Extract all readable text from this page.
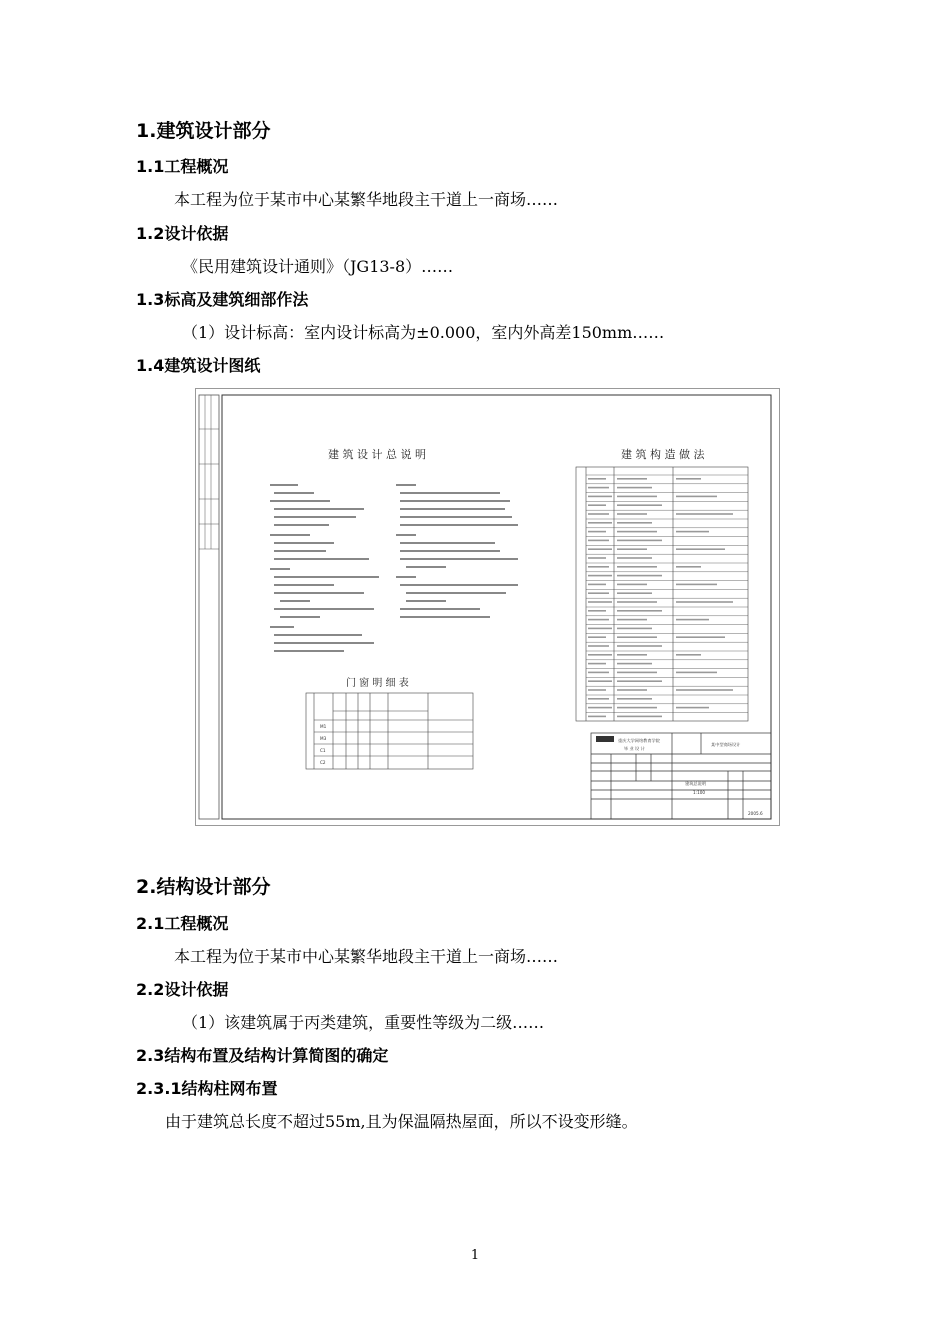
1.建筑设计部分
1.1工程概况
本工程为位于某市中心某繁华地段主干道上一商场……
1.2设计依据
《民用建筑设计通则》（JG13-8）……
1.3标高及建筑细部作法
（1）设计标高：室内设计标高为±0.000，室内外高差150mm……
1.4建筑设计图纸
建 筑 设 计 总 说 明	建 筑 构 造 做 法
门 窗 明 细 表
M1
M3
C1
C2
重庆大学网络教育学院
毕 业 设 计
某中型商场设计
建筑总说明
1:100
2005.6
2.结构设计部分
2.1工程概况
本工程为位于某市中心某繁华地段主干道上一商场……
2.2设计依据
（1）该建筑属于丙类建筑，重要性等级为二级……
2.3结构布置及结构计算简图的确定
2.3.1结构柱网布置
由于建筑总长度不超过55m,且为保温隔热屋面，所以不设变形缝。
1
